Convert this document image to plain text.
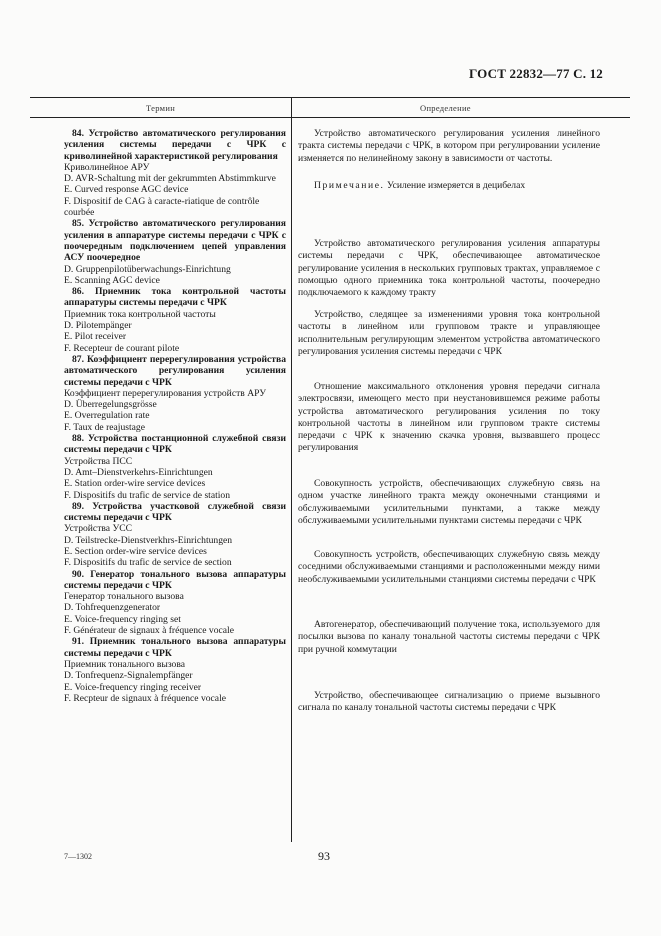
ГОСТ 22832—77 С. 12
Термин	Определение
84. Устройство автоматического регулирования усиления системы передачи с ЧРК с криволинейной характеристикой регулирования
Криволинейное АРУ
D. AVR-Schaltung mit der gekrummten Abstimmkurve
E. Curved response AGC device
F. Dispositif de CAG à caracte-riatique de contrôle courbée
85. Устройство автоматического регулирования усиления в аппаратуре системы передачи с ЧРК с поочередным подключением цепей управления АСУ поочередное
D. Gruppenpilotüberwachungs-Einrichtung
E. Scanning AGC device
86. Приемник тока контрольной частоты аппаратуры системы передачи с ЧРК
Приемник тока контрольной частоты
D. Pilotempänger
E. Pilot receiver
F. Recepteur de courant pilote
87. Коэффициент перерегулирования устройства автоматического регулирования усиления системы передачи с ЧРК
Коэффициент перерегулирования устройств АРУ
D. Überregelungsgrösse
E. Overregulation rate
F. Taux de reajustage
88. Устройства постанционной служебной связи системы передачи с ЧРК
Устройства ПСС
D. Amt–Dienstverkehrs-Einrichtungen
E. Station order-wire service devices
F. Dispositifs du trafic de service de station
89. Устройства участковой служебной связи системы передачи с ЧРК
Устройства УСС
D. Teilstrecke-Dienstverkhrs-Einrichtungen
E. Section order-wire service devices
F. Dispositifs du trafic de service de section
90. Генератор тонального вызова аппаратуры системы передачи с ЧРК
Генератор тонального вызова
D. Tohfrequenzgenerator
E. Voice-frequency ringing set
F. Générateur de signaux à fréquence vocale
91. Приемник тонального вызова аппаратуры системы передачи с ЧРК
Приемник тонального вызова
D. Tonfrequenz-Signalempfänger
E. Voice-frequency ringing receiver
F. Recpteur de signaux à fréquence vocale

Устройство автоматического регулирования усиления линейного тракта системы передачи с ЧРК, в котором при регулировании усиление изменяется по нелинейному закону в зависимости от частоты.

Примечание. Усиление измеряется в децибелах

Устройство автоматического регулирования усиления аппаратуры системы передачи с ЧРК, обеспечивающее автоматическое регулирование усиления в нескольких групповых трактах, управляемое с помощью одного приемника тока контрольной частоты, поочередно подключаемого к каждому тракту

Устройство, следящее за изменениями уровня тока контрольной частоты в линейном или групповом тракте и управляющее исполнительным регулирующим элементом устройства автоматического регулирования усиления системы передачи с ЧРК

Отношение максимального отклонения уровня передачи сигнала электросвязи, имеющего место при неустановившемся режиме работы устройства автоматического регулирования усиления по току контрольной частоты в линейном или групповом тракте системы передачи с ЧРК к значению скачка уровня, вызвавшего процесс регулирования

Совокупность устройств, обеспечивающих служебную связь на одном участке линейного тракта между оконечными станциями и обслуживаемыми усилительными пунктами, а также между обслуживаемыми усилительными пунктами системы передачи с ЧРК

Совокупность устройств, обеспечивающих служебную связь между соседними обслуживаемыми станциями и расположенными между ними необслуживаемыми усилительными станциями системы передачи с ЧРК

Автогенератор, обеспечивающий получение тока, используемого для посылки вызова по каналу тональной частоты системы передачи с ЧРК при ручной коммутации

Устройство, обеспечивающее сигнализацию о приеме вызывного сигнала по каналу тональной частоты системы передачи с ЧРК

7—1302	93
